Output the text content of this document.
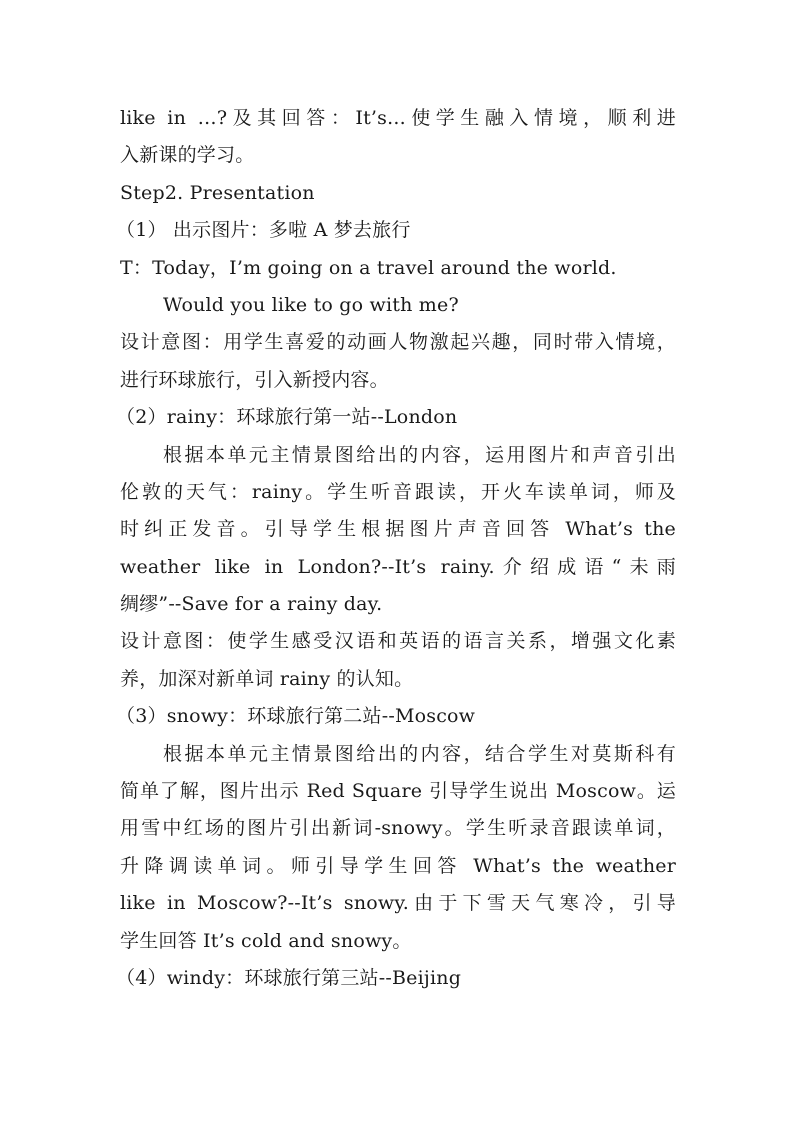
like in …?及其回答：It’s...使学生融入情境，顺利进
入新课的学习。
Step2. Presentation
（1） 出示图片：多啦 A 梦去旅行
T：Today，I’m going on a travel around the world.
Would you like to go with me?
设计意图：用学生喜爱的动画人物激起兴趣，同时带入情境，
进行环球旅行，引入新授内容。
（2）rainy：环球旅行第一站--London
根据本单元主情景图给出的内容，运用图片和声音引出
伦敦的天气：rainy。学生听音跟读，开火车读单词，师及
时纠正发音。引导学生根据图片声音回答 What’s the
weather like in London?--It’s rainy.介绍成语“未雨
绸缪”--Save for a rainy day.
设计意图：使学生感受汉语和英语的语言关系，增强文化素
养，加深对新单词 rainy 的认知。
（3）snowy：环球旅行第二站--Moscow
根据本单元主情景图给出的内容，结合学生对莫斯科有
简单了解，图片出示 Red Square 引导学生说出 Moscow。运
用雪中红场的图片引出新词-snowy。学生听录音跟读单词，
升降调读单词。师引导学生回答 What’s the weather
like in Moscow?--It’s snowy.由于下雪天气寒冷，引导
学生回答 It’s cold and snowy。
（4）windy：环球旅行第三站--Beijing
